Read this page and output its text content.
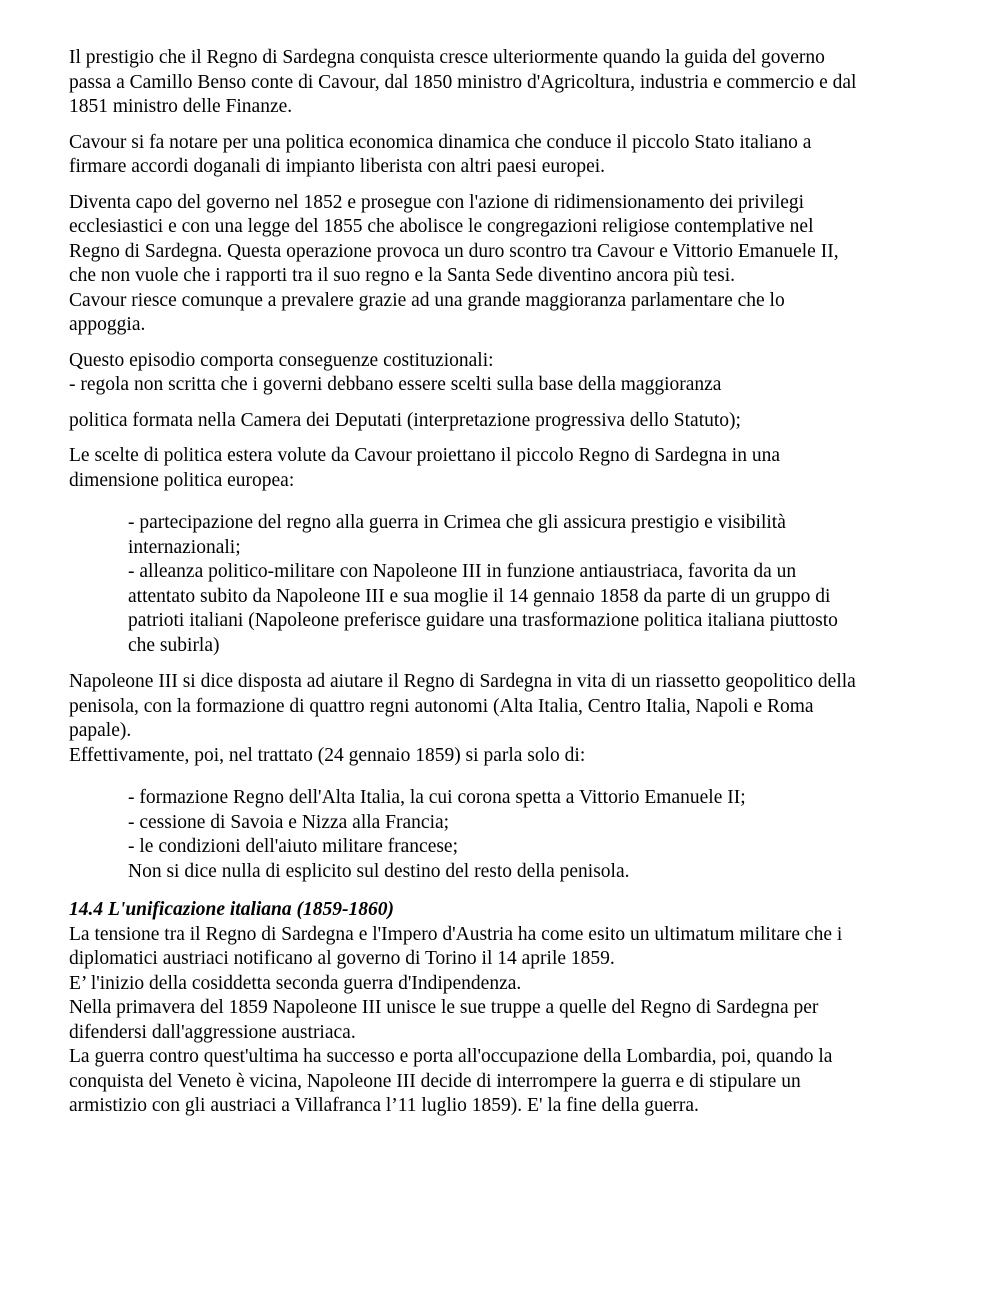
Il prestigio che il Regno di Sardegna conquista cresce ulteriormente quando la guida del governo
passa a Camillo Benso conte di Cavour, dal 1850 ministro d'Agricoltura, industria e commercio e dal
1851 ministro delle Finanze.
Cavour si fa notare per una politica economica dinamica che conduce il piccolo Stato italiano a
firmare accordi doganali di impianto liberista con altri paesi europei.
Diventa capo del governo nel 1852 e prosegue con l'azione di ridimensionamento dei privilegi
ecclesiastici e con una legge del 1855 che abolisce le congregazioni religiose contemplative nel
Regno di Sardegna. Questa operazione provoca un duro scontro tra Cavour e Vittorio Emanuele II,
che non vuole che i rapporti tra il suo regno e la Santa Sede diventino ancora più tesi.
Cavour riesce comunque a prevalere grazie ad una grande maggioranza parlamentare che lo
appoggia.
Questo episodio comporta conseguenze costituzionali:
- regola non scritta che i governi debbano essere scelti sulla base della maggioranza
politica formata nella Camera dei Deputati (interpretazione progressiva dello Statuto);
Le scelte di politica estera volute da Cavour proiettano il piccolo Regno di Sardegna in una
dimensione politica europea:
- partecipazione del regno alla guerra in Crimea che gli assicura prestigio e visibilità
internazionali;
- alleanza politico-militare con Napoleone III in funzione antiaustriaca, favorita da un
attentato subito da Napoleone III e sua moglie il 14 gennaio 1858 da parte di un gruppo di
patrioti italiani (Napoleone preferisce guidare una trasformazione politica italiana piuttosto
che subirla)
Napoleone III si dice disposta ad aiutare il Regno di Sardegna in vita di un riassetto geopolitico della
penisola, con la formazione di quattro regni autonomi (Alta Italia, Centro Italia, Napoli e Roma
papale).
Effettivamente, poi, nel trattato (24 gennaio 1859) si parla solo di:
- formazione Regno dell'Alta Italia, la cui corona spetta a Vittorio Emanuele II;
- cessione di Savoia e Nizza alla Francia;
- le condizioni dell'aiuto militare francese;
Non si dice nulla di esplicito sul destino del resto della penisola.
14.4 L'unificazione italiana (1859-1860)
La tensione tra il Regno di Sardegna e l'Impero d'Austria ha come esito un ultimatum militare che i
diplomatici austriaci notificano al governo di Torino il 14 aprile 1859.
E’ l'inizio della cosiddetta seconda guerra d'Indipendenza.
Nella primavera del 1859 Napoleone III unisce le sue truppe a quelle del Regno di Sardegna per
difendersi dall'aggressione austriaca.
La guerra contro quest'ultima ha successo e porta all'occupazione della Lombardia, poi, quando la
conquista del Veneto è vicina, Napoleone III decide di interrompere la guerra e di stipulare un
armistizio con gli austriaci a Villafranca l’11 luglio 1859). E' la fine della guerra.
